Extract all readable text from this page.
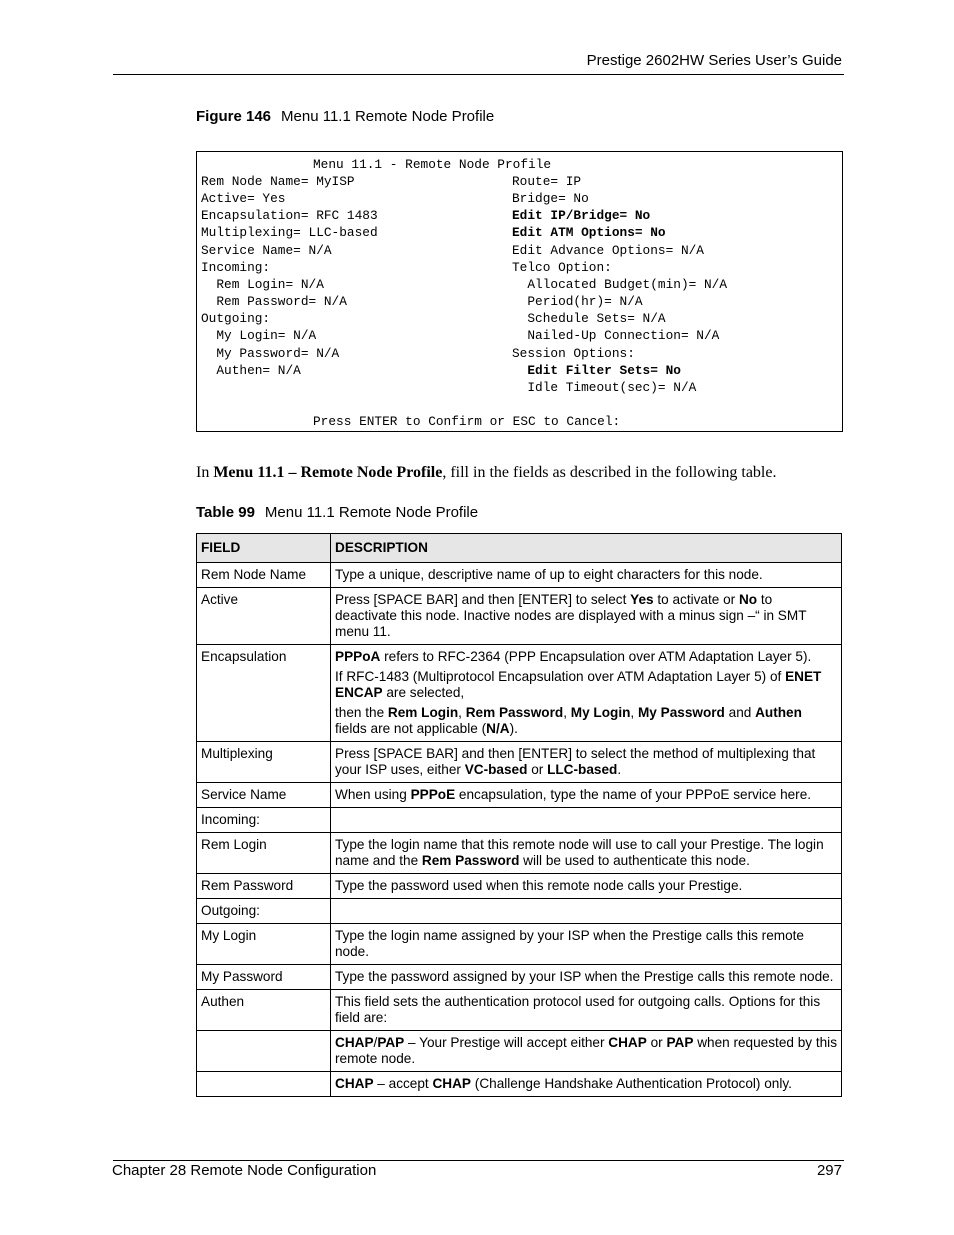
Prestige 2602HW Series User’s Guide
Figure 146 Menu 11.1 Remote Node Profile
Menu 11.1 - Remote Node Profile
Rem Node Name= MyISP
Active= Yes
Encapsulation= RFC 1483
Multiplexing= LLC-based
Service Name= N/A
Incoming:
Rem Login= N/A
Rem Password= N/A
Outgoing:
My Login= N/A
My Password= N/A
Authen= N/A
Route= IP
Bridge= No
Edit IP/Bridge= No
Edit ATM Options= No
Edit Advance Options= N/A
Telco Option:
Allocated Budget(min)= N/A
Period(hr)= N/A
Schedule Sets= N/A
Nailed-Up Connection= N/A
Session Options:
Edit Filter Sets= No
Idle Timeout(sec)= N/A
Press ENTER to Confirm or ESC to Cancel:
In Menu 11.1 – Remote Node Profile, fill in the fields as described in the following table.
Table 99 Menu 11.1 Remote Node Profile
FIELD	DESCRIPTION
Rem Node Name	Type a unique, descriptive name of up to eight characters for this node.
Active	Press [SPACE BAR] and then [ENTER] to select Yes to activate or No to deactivate this node. Inactive nodes are displayed with a minus sign –“ in SMT menu 11.
Encapsulation	PPPoA refers to RFC-2364 (PPP Encapsulation over ATM Adaptation Layer 5).

If RFC-1483 (Multiprotocol Encapsulation over ATM Adaptation Layer 5) of ENET ENCAP are selected,

then the Rem Login, Rem Password, My Login, My Password and Authen fields are not applicable (N/A).

Multiplexing	Press [SPACE BAR] and then [ENTER] to select the method of multiplexing that your ISP uses, either VC-based or LLC-based.
Service Name	When using PPPoE encapsulation, type the name of your PPPoE service here.
Incoming:	
Rem Login	Type the login name that this remote node will use to call your Prestige. The login name and the Rem Password will be used to authenticate this node.
Rem Password	Type the password used when this remote node calls your Prestige.
Outgoing:	
My Login	Type the login name assigned by your ISP when the Prestige calls this remote node.
My Password	Type the password assigned by your ISP when the Prestige calls this remote node.
Authen	This field sets the authentication protocol used for outgoing calls. Options for this field are:
	CHAP/PAP – Your Prestige will accept either CHAP or PAP when requested by this remote node.
	CHAP – accept CHAP (Challenge Handshake Authentication Protocol) only.
Chapter 28 Remote Node Configuration	297
